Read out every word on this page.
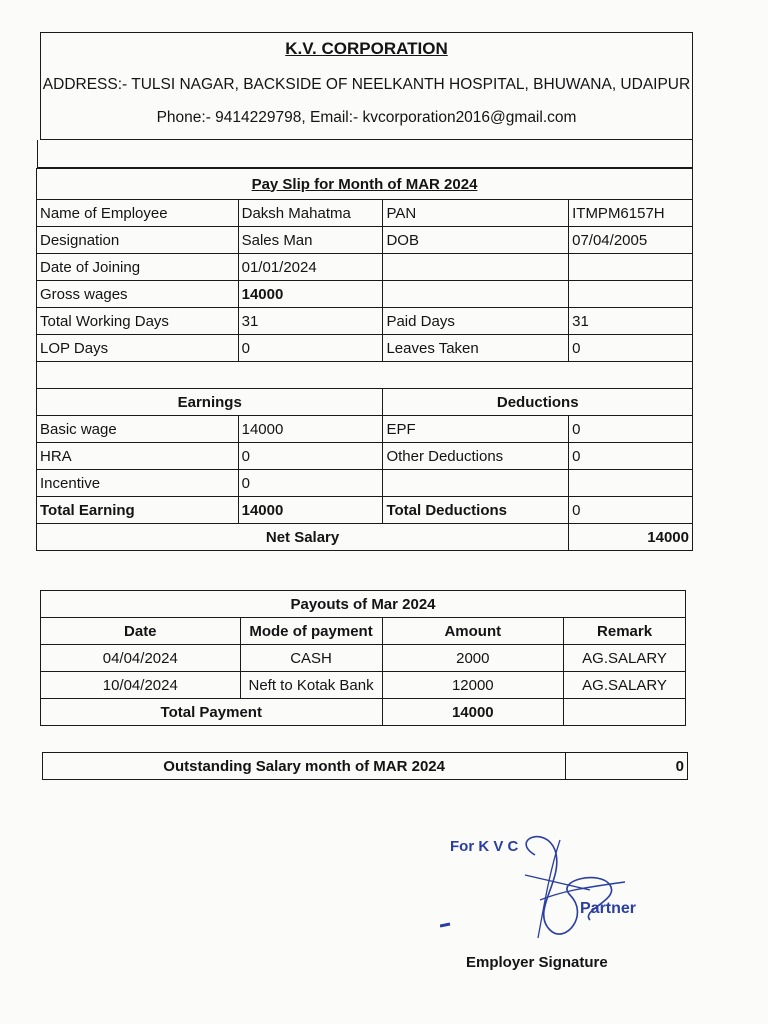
K.V. CORPORATION
ADDRESS:- TULSI NAGAR, BACKSIDE OF NEELKANTH HOSPITAL, BHUWANA, UDAIPUR
Phone:- 9414229798, Email:- kvcorporation2016@gmail.com
Pay Slip for Month of MAR 2024			
Name of Employee	Daksh Mahatma	PAN	ITMPM6157H
Designation	Sales Man	DOB	07/04/2005
Date of Joining	01/01/2024		
Gross wages	14000		
Total Working Days	31	Paid Days	31
LOP Days	0	Leaves Taken	0

Earnings		Deductions	
Basic wage	14000	EPF	0
HRA	0	Other Deductions	0
Incentive	0		
Total Earning	14000	Total Deductions	0
Net Salary			14000
Payouts of Mar 2024			
Date	Mode of payment	Amount	Remark
04/04/2024	CASH	2000	AG.SALARY
10/04/2024	Neft to Kotak Bank	12000	AG.SALARY
Total Payment		14000	
Outstanding Salary month of MAR 2024	0
For K V C
Partner
Employer Signature
